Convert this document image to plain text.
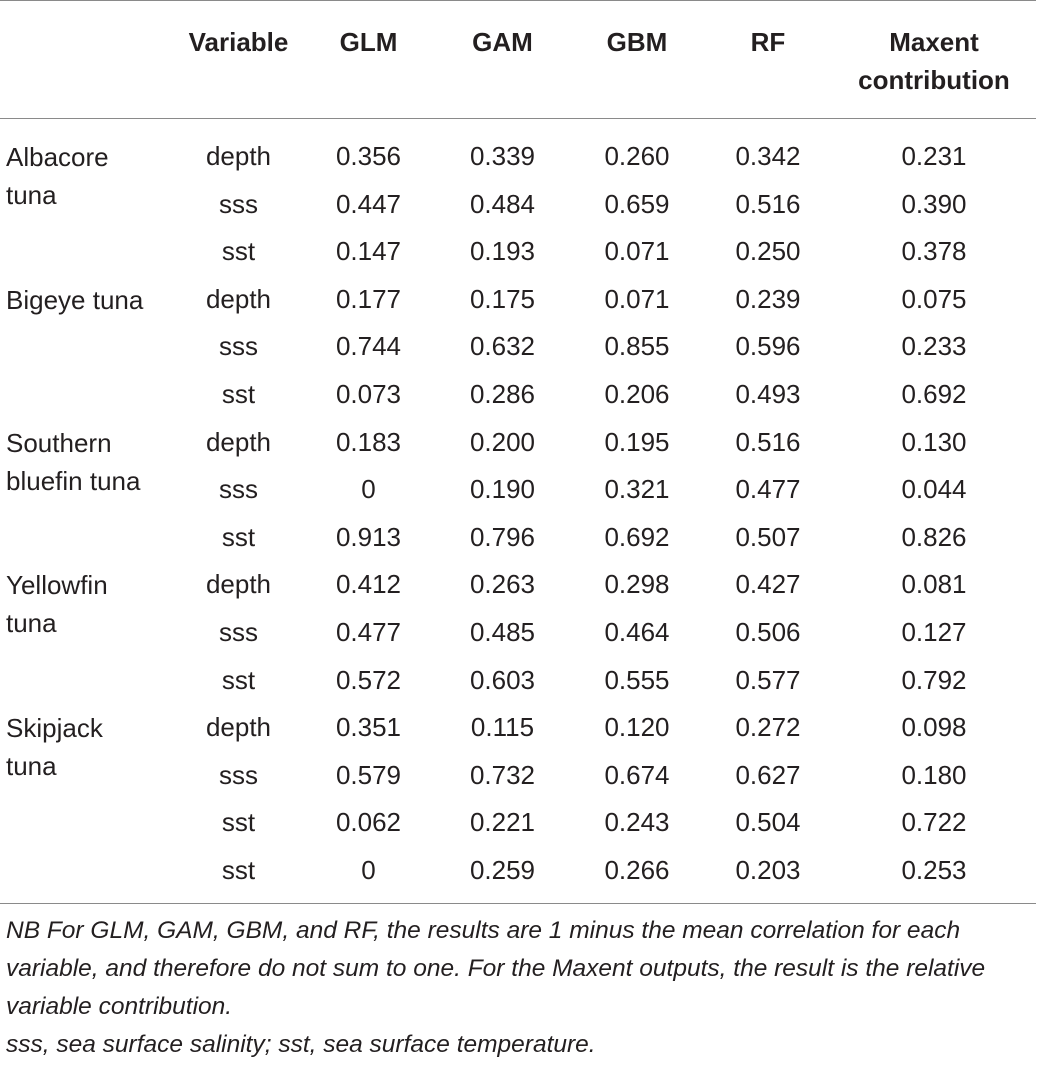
	Variable	GLM	GAM	GBM	RF	Maxent
contribution
Albacore
tuna	depth	0.356	0.339	0.260	0.342	0.231
	sss	0.447	0.484	0.659	0.516	0.390
	sst	0.147	0.193	0.071	0.250	0.378
Bigeye tuna	depth	0.177	0.175	0.071	0.239	0.075
	sss	0.744	0.632	0.855	0.596	0.233
	sst	0.073	0.286	0.206	0.493	0.692
Southern
bluefin tuna	depth	0.183	0.200	0.195	0.516	0.130
	sss	0	0.190	0.321	0.477	0.044
	sst	0.913	0.796	0.692	0.507	0.826
Yellowfin
tuna	depth	0.412	0.263	0.298	0.427	0.081
	sss	0.477	0.485	0.464	0.506	0.127
	sst	0.572	0.603	0.555	0.577	0.792
Skipjack
tuna	depth	0.351	0.115	0.120	0.272	0.098
	sss	0.579	0.732	0.674	0.627	0.180
	sst	0.062	0.221	0.243	0.504	0.722
	sst	0	0.259	0.266	0.203	0.253

NB For GLM, GAM, GBM, and RF, the results are 1 minus the mean correlation for each variable, and therefore do not sum to one. For the Maxent outputs, the result is the relative variable contribution.

sss, sea surface salinity; sst, sea surface temperature.
